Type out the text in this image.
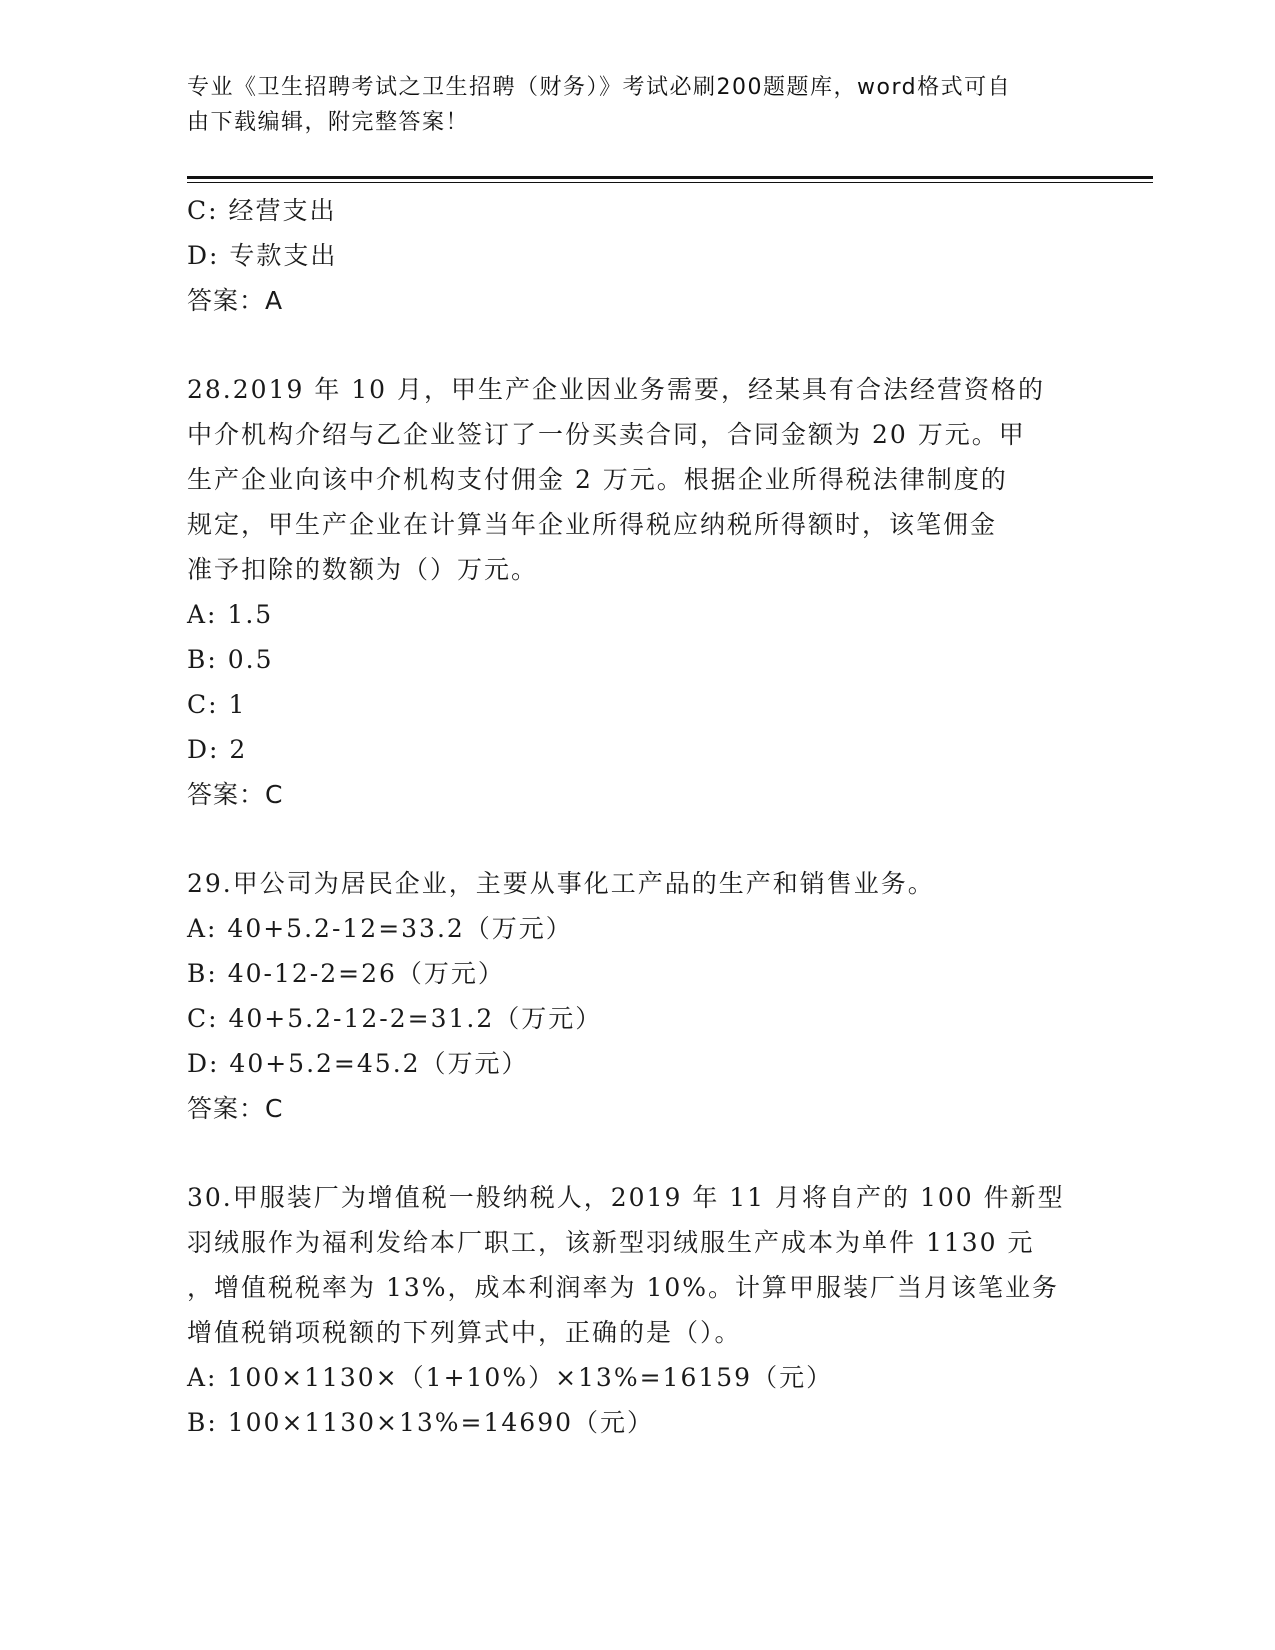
专业《卫生招聘考试之卫生招聘（财务）》考试必刷200题题库，word格式可自
由下载编辑，附完整答案！
C: 经营支出
D: 专款支出
答案：A
28.2019 年 10 月，甲生产企业因业务需要，经某具有合法经营资格的
中介机构介绍与乙企业签订了一份买卖合同，合同金额为 20 万元。甲
生产企业向该中介机构支付佣金 2 万元。根据企业所得税法律制度的
规定，甲生产企业在计算当年企业所得税应纳税所得额时，该笔佣金
准予扣除的数额为（）万元。
A: 1.5
B: 0.5
C: 1
D: 2
答案：C
29.甲公司为居民企业，主要从事化工产品的生产和销售业务。
A: 40+5.2-12=33.2（万元）
B: 40-12-2=26（万元）
C: 40+5.2-12-2=31.2（万元）
D: 40+5.2=45.2（万元）
答案：C
30.甲服装厂为增值税一般纳税人，2019 年 11 月将自产的 100 件新型
羽绒服作为福利发给本厂职工，该新型羽绒服生产成本为单件 1130 元
，增值税税率为 13%，成本利润率为 10%。计算甲服装厂当月该笔业务
增值税销项税额的下列算式中，正确的是（）。
A: 100×1130×（1+10%）×13%=16159（元）
B: 100×1130×13%=14690（元）
